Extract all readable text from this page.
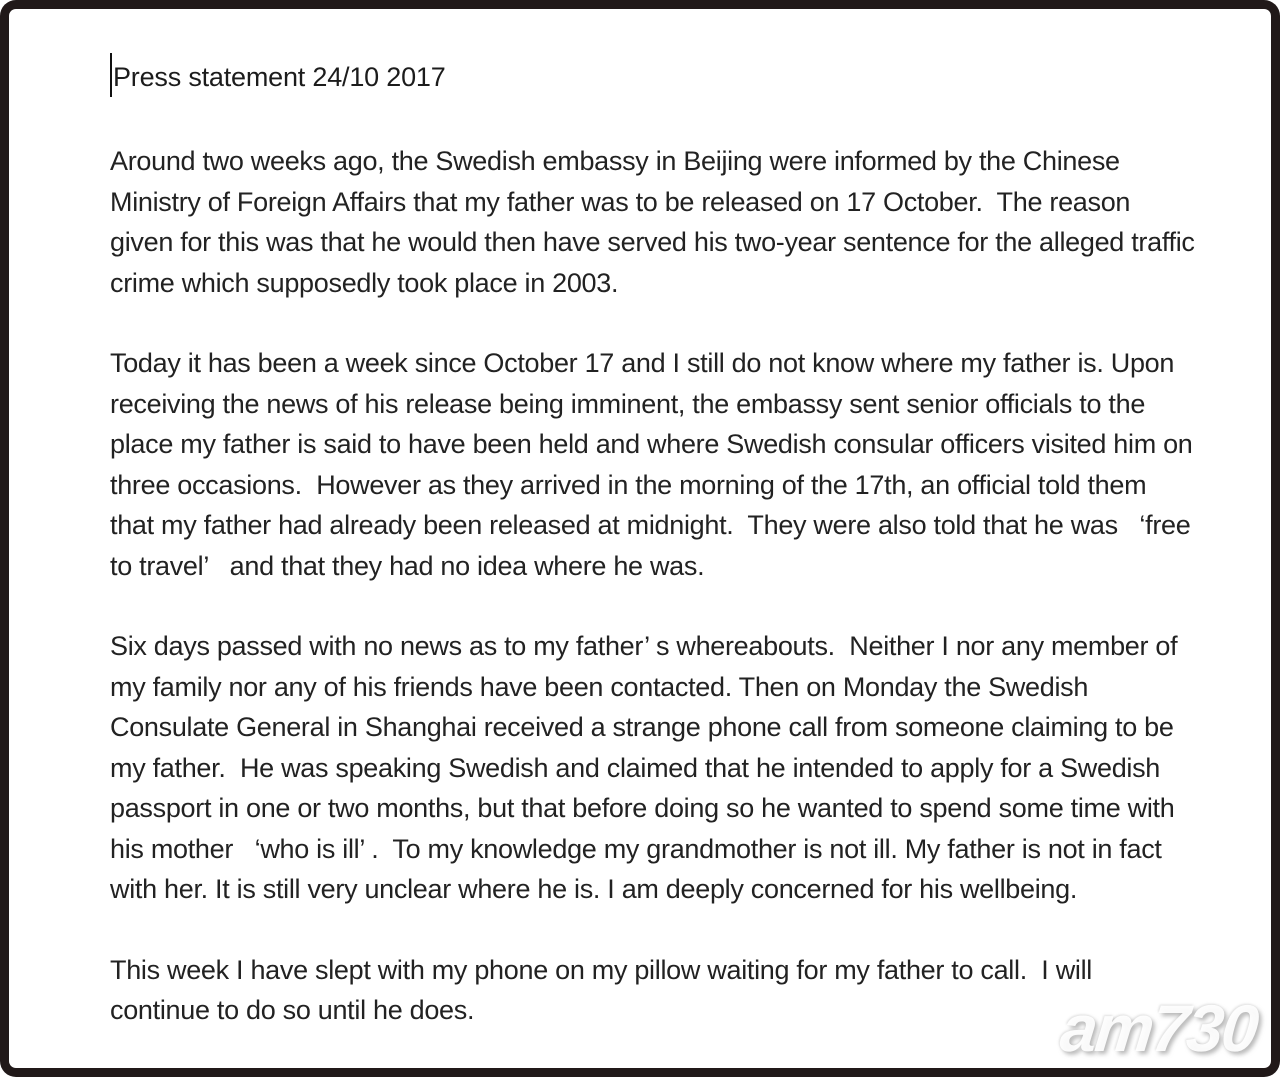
Press statement 24/10 2017

Around two weeks ago, the Swedish embassy in Beijing were informed by the Chinese Ministry of Foreign Affairs that my father was to be released on 17 October.  The reason given for this was that he would then have served his two-year sentence for the alleged traffic crime which supposedly took place in 2003.

Today it has been a week since October 17 and I still do not know where my father is. Upon receiving the news of his release being imminent, the embassy sent senior officials to the place my father is said to have been held and where Swedish consular officers visited him on three occasions.  However as they arrived in the morning of the 17th, an official told them that my father had already been released at midnight.  They were also told that he was   ‘free to travel’   and that they had no idea where he was.

Six days passed with no news as to my father’ s whereabouts.  Neither I nor any member of my family nor any of his friends have been contacted. Then on Monday the Swedish Consulate General in Shanghai received a strange phone call from someone claiming to be my father.  He was speaking Swedish and claimed that he intended to apply for a Swedish passport in one or two months, but that before doing so he wanted to spend some time with his mother   ‘who is ill’ .  To my knowledge my grandmother is not ill. My father is not in fact with her. It is still very unclear where he is. I am deeply concerned for his wellbeing.

This week I have slept with my phone on my pillow waiting for my father to call.  I will continue to do so until he does.	am730
